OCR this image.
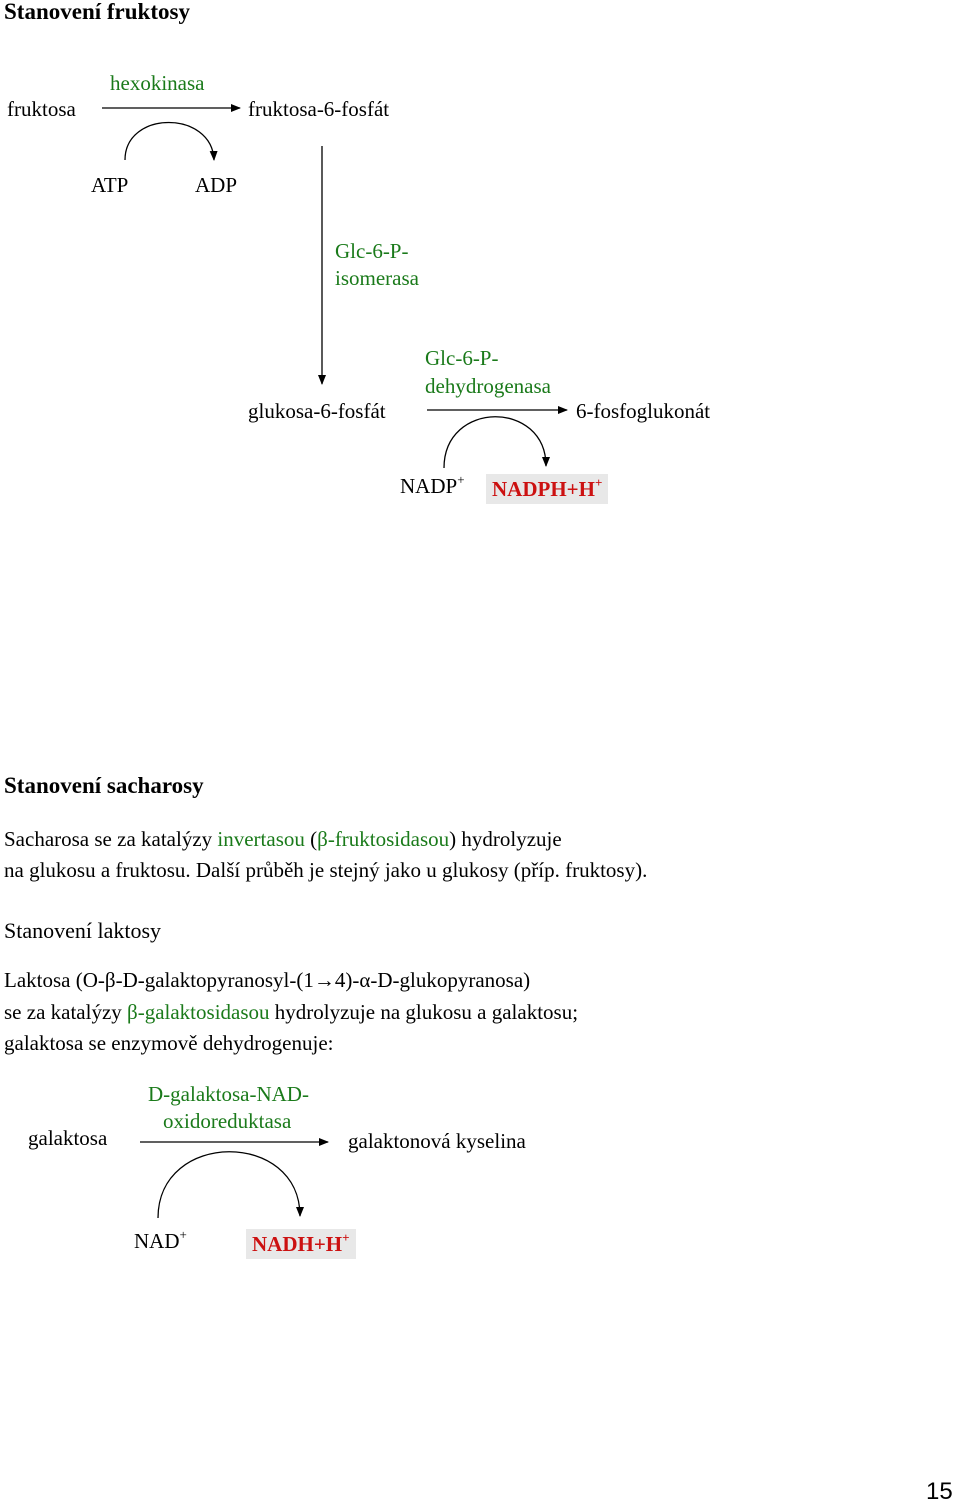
Stanovení fruktosy
hexokinasa
fruktosa	fruktosa-6-fosfát
ATP	ADP
Glc-6-P-
isomerasa
Glc-6-P-
dehydrogenasa
glukosa-6-fosfát	6-fosfoglukonát
NADP+ NADPH+H+
Stanovení sacharosy
Sacharosa se za katalýzy invertasou (β-fruktosidasou) hydrolyzuje
na glukosu a fruktosu. Další průběh je stejný jako u glukosy (příp. fruktosy).
Stanovení laktosy
Laktosa (O-β-D-galaktopyranosyl-(1→4)-α-D-glukopyranosa)
se za katalýzy β-galaktosidasou hydrolyzuje na glukosu a galaktosu;
galaktosa se enzymově dehydrogenuje:
D-galaktosa-NAD-
oxidoreduktasa
galaktosa	galaktonová kyselina
NAD+	NADH+H+
15
